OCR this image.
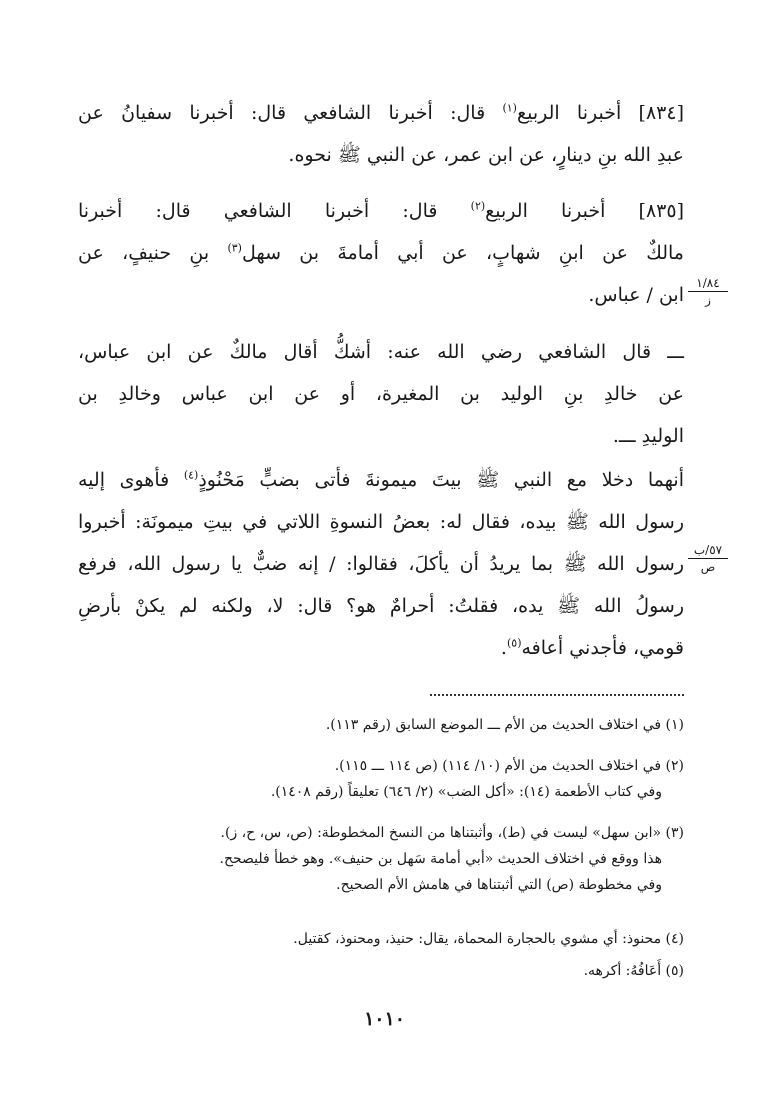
[٨٣٤] أخبرنا الربيع$^{(١)}$ قال: أخبرنا الشافعي قال: أخبرنا سفيانُ عن
عبدِ الله بنِ دينارٍ، عن ابن عمر، عن النبي ﷺ نحوه.
[٨٣٥] أخبرنا الربيع$^{(٢)}$ قال: أخبرنا الشافعي قال: أخبرنا
مالكٌ عن ابنِ شهابٍ، عن أبي أمامةَ بن سهل$^{(٣)}$ بنِ حنيفٍ، عن
ابن / عباس.
١/٨٤
ز
ـــ قال الشافعي رضي الله عنه: أشكُّ أقال مالكٌ عن ابن عباس،
عن خالدِ بنِ الوليد بن المغيرة، أو عن ابن عباس وخالدِ بن
الوليدِ ـــ.
أنهما دخلا مع النبي ﷺ بيتَ ميمونةَ فأتى بضبٍّ مَحْنُوذٍ$^{(٤)}$ فأهوى إليه
رسول الله ﷺ بيده، فقال له: بعضُ النسوةِ اللاتي في بيتِ ميمونَة: أخبروا
رسول الله ﷺ بما يريدُ أن يأكلَ، فقالوا: / إنه ضبٌّ يا رسول الله، فرفع
رسولُ الله ﷺ يده، فقلتُ: أحرامٌ هو؟ قال: لا، ولكنه لم يكنْ بأرضِ
قومي، فأجدني أعافه$^{(٥)}$.
٥٧/ب
ص
(١) في اختلاف الحديث من الأم ـــ الموضع السابق (رقم ١١٣).
(٢) في اختلاف الحديث من الأم (١٠/ ١١٤) (ص ١١٤ ـــ ١١٥).
وفي كتاب الأطعمة (١٤): «أكل الضب» (٢/ ٦٤٦) تعليقاً (رقم ١٤٠٨).
(٣) «ابن سهل» ليست في (ط)، وأثبتناها من النسخ المخطوطة: (ص، س، ح، ز).
هذا ووقع في اختلاف الحديث «أبي أمامة سَهل بن حنيف». وهو خطأ فليصحح.
وفي مخطوطة (ص) التي أثبتناها في هامش الأم الصحيح.
(٤) محنوذ: أي مشوي بالحجارة المحماة، يقال: حنيذ، ومحنوذ، كقتيل.
(٥) أَعَافُهُ: أكرهه.
١٠١٠
